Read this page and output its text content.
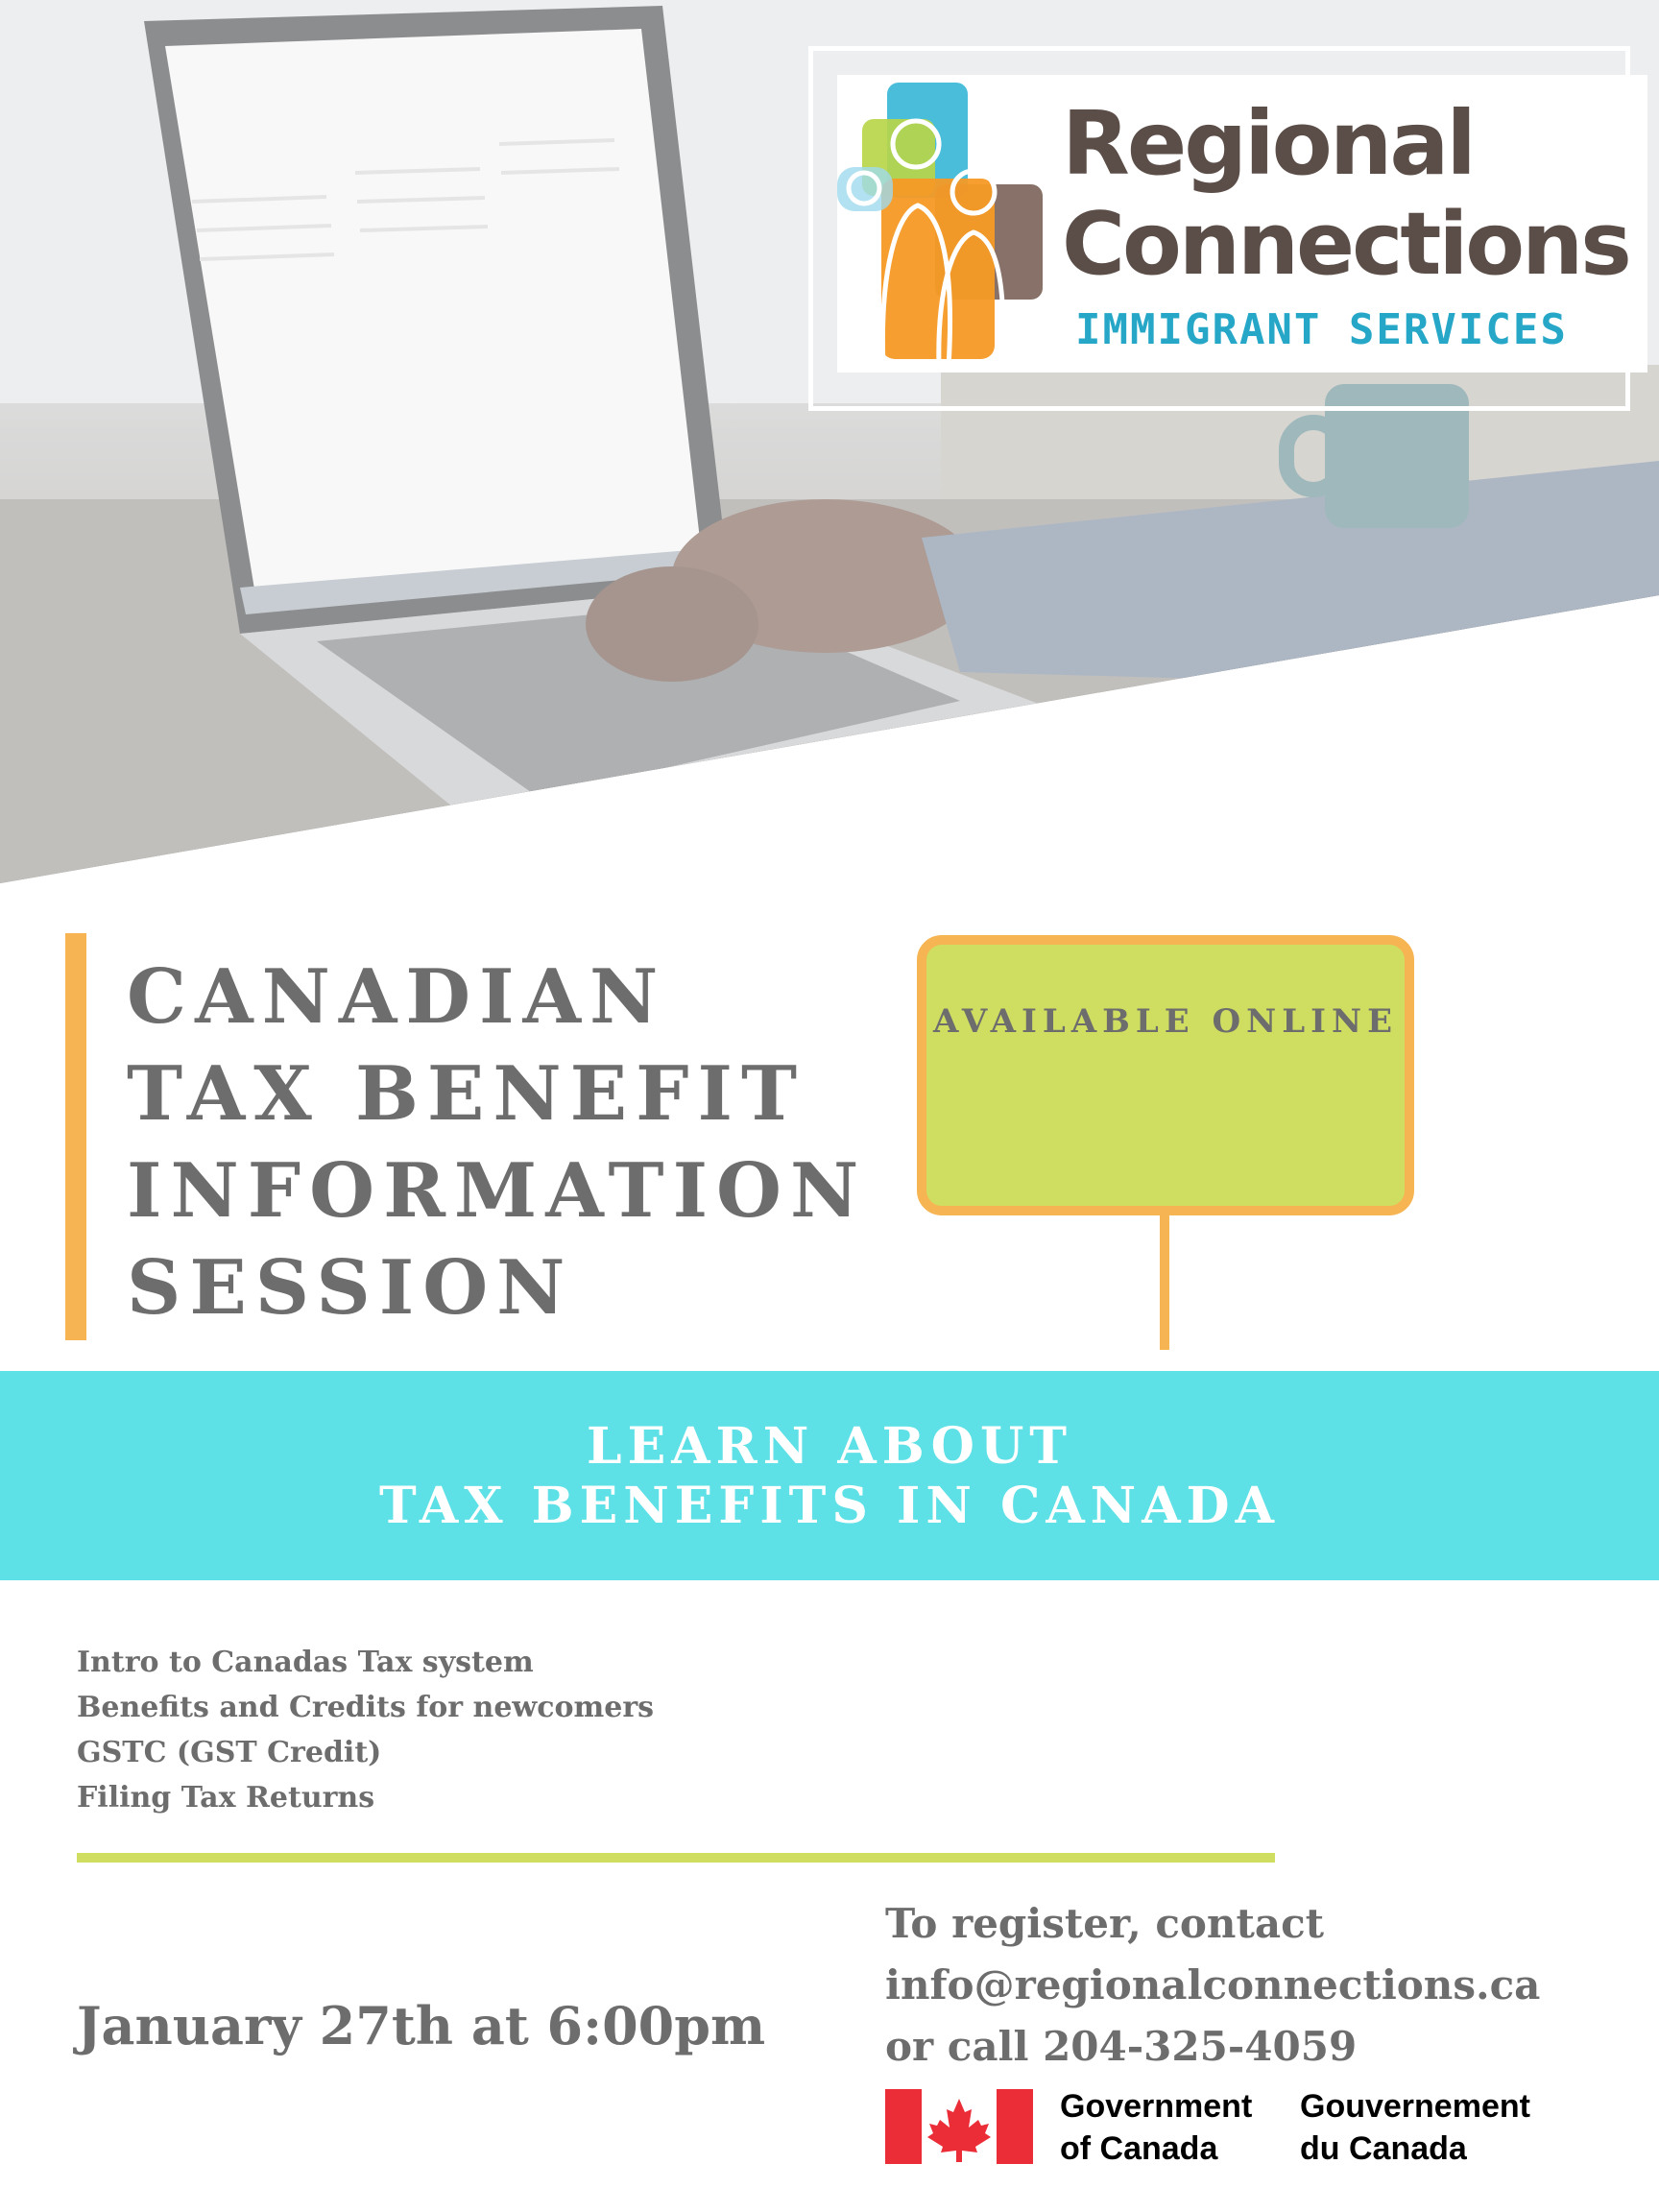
Regional
Connections
IMMIGRANT SERVICES
CANADIAN
TAX BENEFIT
INFORMATION
SESSION
AVAILABLE ONLINE
LEARN ABOUT
TAX BENEFITS IN CANADA
Intro to Canadas Tax system
Benefits and Credits for newcomers
GSTC (GST Credit)
Filing Tax Returns
January 27th at 6:00pm
To register, contact
info@regionalconnections.ca
or call 204-325-4059
Government
of Canada
Gouvernement
du Canada
